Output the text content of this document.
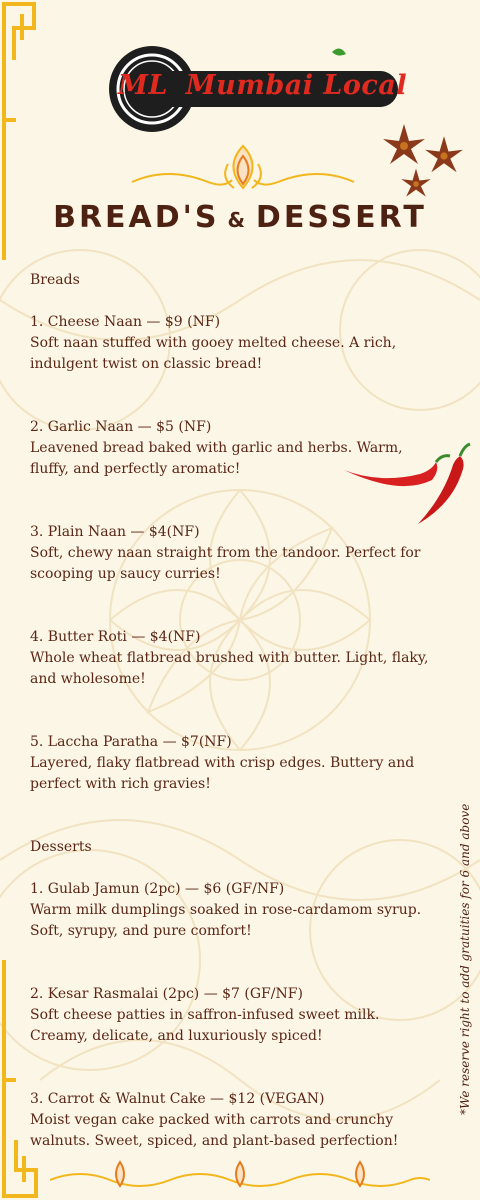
ML Mumbai Local
BREAD'S & DESSERT

Breads

1. Cheese Naan — $9 (NF)
Soft naan stuffed with gooey melted cheese. A rich,
indulgent twist on classic bread!
2. Garlic Naan — $5 (NF)
Leavened bread baked with garlic and herbs. Warm,
fluffy, and perfectly aromatic!
3. Plain Naan — $4(NF)
Soft, chewy naan straight from the tandoor. Perfect for
scooping up saucy curries!
4. Butter Roti — $4(NF)
Whole wheat flatbread brushed with butter. Light, flaky,
and wholesome!
5. Laccha Paratha — $7(NF)
Layered, flaky flatbread with crisp edges. Buttery and
perfect with rich gravies!

Desserts

1. Gulab Jamun (2pc) — $6 (GF/NF)
Warm milk dumplings soaked in rose-cardamom syrup.
Soft, syrupy, and pure comfort!
2. Kesar Rasmalai (2pc) — $7 (GF/NF)
Soft cheese patties in saffron-infused sweet milk.
Creamy, delicate, and luxuriously spiced!
3. Carrot & Walnut Cake — $12 (VEGAN)
Moist vegan cake packed with carrots and crunchy
walnuts. Sweet, spiced, and plant-based perfection!
*We reserve right to add gratuities for 6 and above
